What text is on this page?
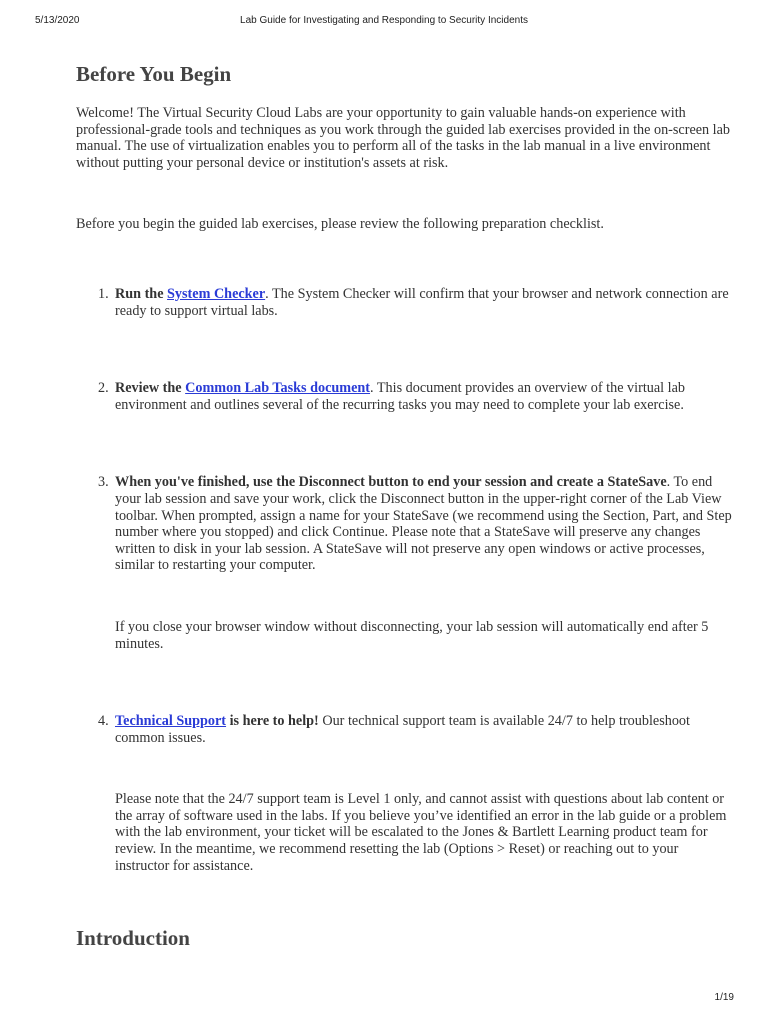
5/13/2020	Lab Guide for Investigating and Responding to Security Incidents
Before You Begin

Welcome! The Virtual Security Cloud Labs are your opportunity to gain valuable hands-on experience with professional-grade tools and techniques as you work through the guided lab exercises provided in the on-screen lab manual. The use of virtualization enables you to perform all of the tasks in the lab manual in a live environment without putting your personal device or institution's assets at risk.

Before you begin the guided lab exercises, please review the following preparation checklist.

1. Run the System Checker. The System Checker will confirm that your browser and network connection are ready to support virtual labs.
2. Review the Common Lab Tasks document. This document provides an overview of the virtual lab environment and outlines several of the recurring tasks you may need to complete your lab exercise.
3. When you've finished, use the Disconnect button to end your session and create a StateSave. To end your lab session and save your work, click the Disconnect button in the upper-right corner of the Lab View toolbar. When prompted, assign a name for your StateSave (we recommend using the Section, Part, and Step number where you stopped) and click Continue. Please note that a StateSave will preserve any changes written to disk in your lab session. A StateSave will not preserve any open windows or active processes, similar to restarting your computer.
If you close your browser window without disconnecting, your lab session will automatically end after 5 minutes.
4. Technical Support is here to help! Our technical support team is available 24/7 to help troubleshoot common issues.
Please note that the 24/7 support team is Level 1 only, and cannot assist with questions about lab content or the array of software used in the labs. If you believe you’ve identified an error in the lab guide or a problem with the lab environment, your ticket will be escalated to the Jones & Bartlett Learning product team for review. In the meantime, we recommend resetting the lab (Options > Reset) or reaching out to your instructor for assistance.
Introduction
1/19
